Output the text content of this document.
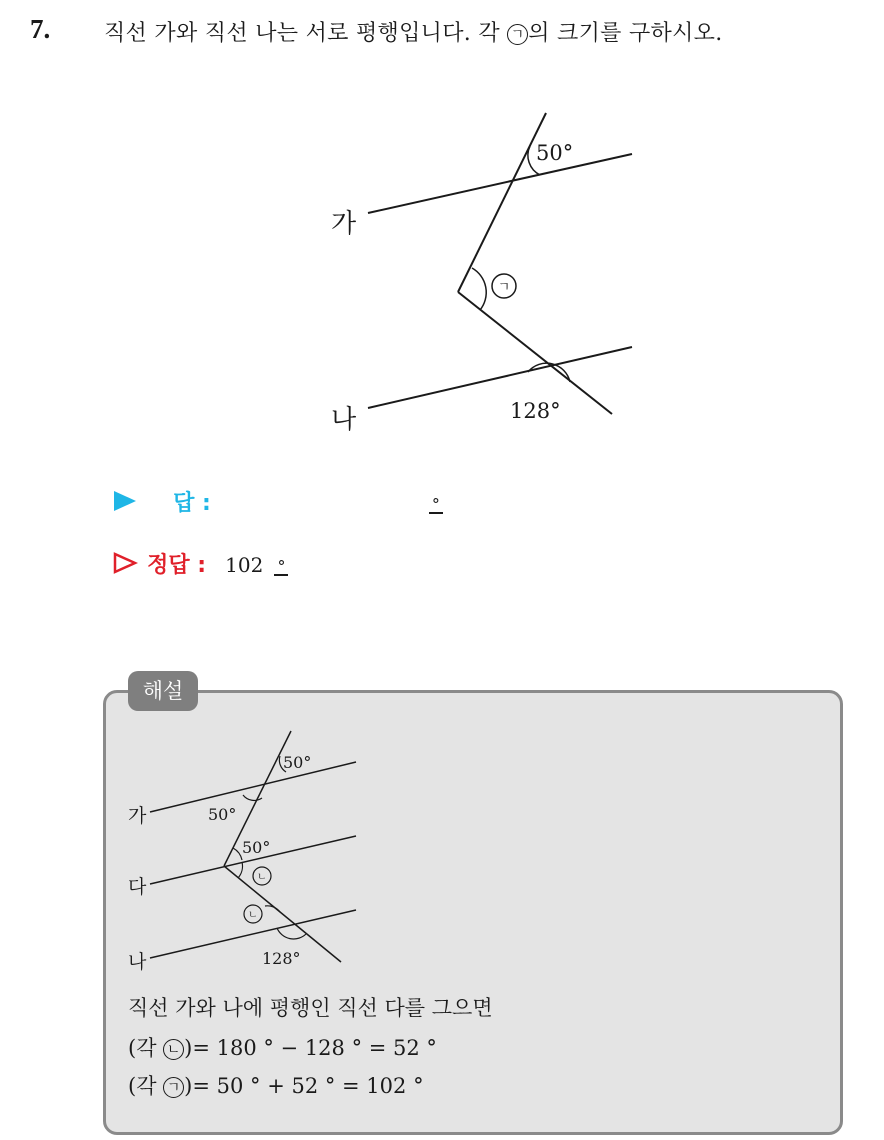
7. 직선 가와 직선 나는 서로 평행입니다. 각 ㄱ 의 크기를 구하시오.
가
나
50°
ㄱ
128°
답 :	°
정답 : 102 °
해설
가
다
나
50°
50°
50°
ㄴ
ㄴ
128°
직선 가와 나에 평행인 직선 다를 그으면
(각 ㄴ )= 180 ° − 128 ° = 52 °
(각 ㄱ )= 50 ° + 52 ° = 102 °
